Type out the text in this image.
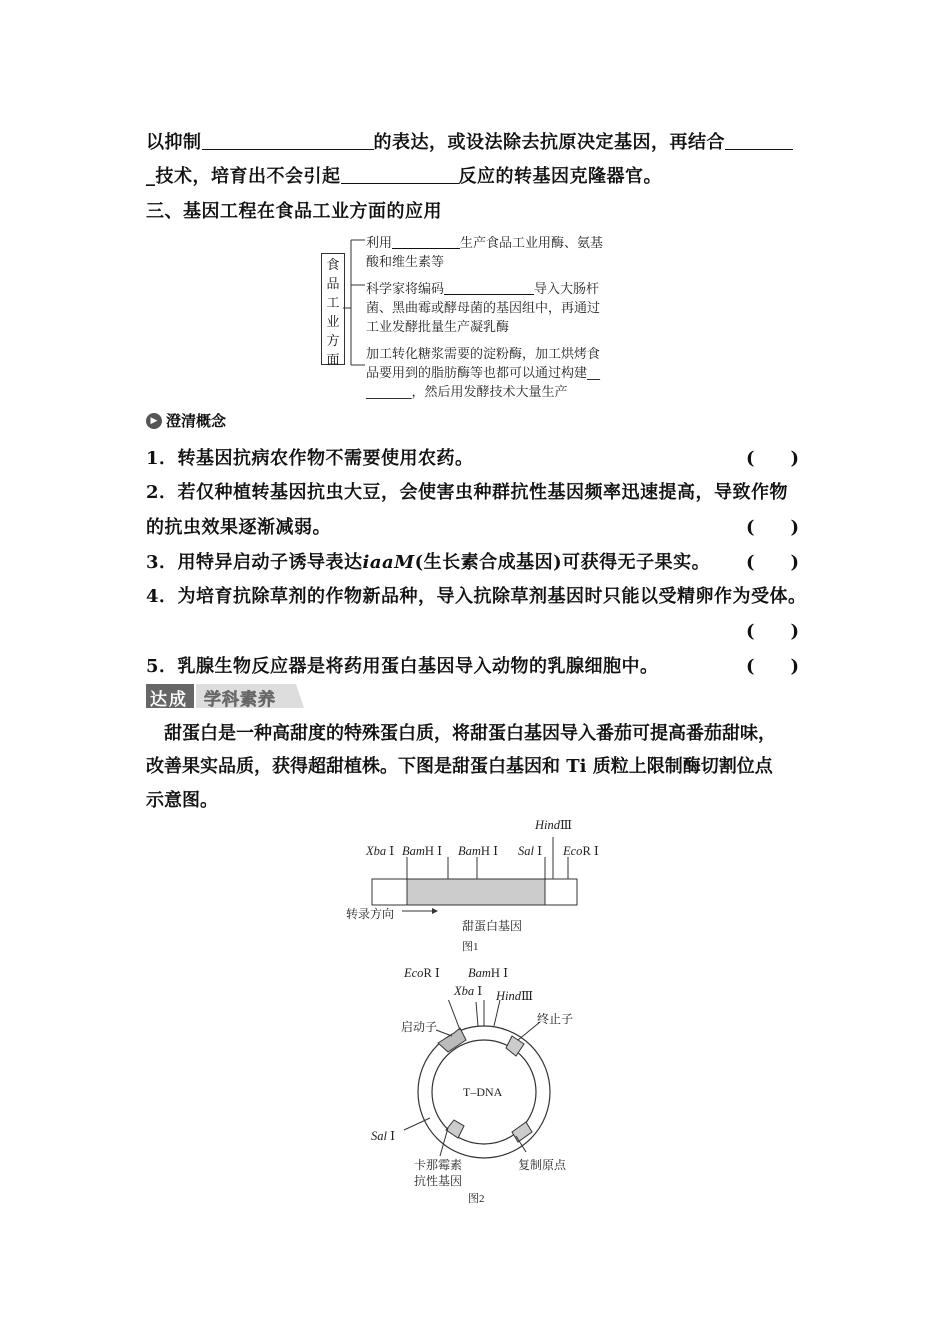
以抑制	的表达，或设法除去抗原决定基因，再结合
_技术，培育出不会引起	反应的转基因克隆器官。
三、基因工程在食品工业方面的应用
食
品
工
业
方
面
利用	生产食品工业用酶、氨基
酸和维生素等
科学家将编码	导入大肠杆
菌、黑曲霉或酵母菌的基因组中，再通过
工业发酵批量生产凝乳酶
加工转化糖浆需要的淀粉酶，加工烘烤食
品要用到的脂肪酶等也都可以通过构建__
_______，然后用发酵技术大量生产
▶ 澄清概念
1．转基因抗病农作物不需要使用农药。	(　　)
2．若仅种植转基因抗虫大豆，会使害虫种群抗性基因频率迅速提高，导致作物
的抗虫效果逐渐减弱。	(　　)
3．用特异启动子诱导表达iaaM(生长素合成基因)可获得无子果实。 (　　)
4．为培育抗除草剂的作物新品种，导入抗除草剂基因时只能以受精卵作为受体。
(　　)
5．乳腺生物反应器是将药用蛋白基因导入动物的乳腺细胞中。	(　　)
达成 学科素养
甜蛋白是一种高甜度的特殊蛋白质，将甜蛋白基因导入番茄可提高番茄甜味，
改善果实品质，获得超甜植株。下图是甜蛋白基因和 Ti 质粒上限制酶切割位点
示意图。
HindⅢ
Xba Ⅰ BamH Ⅰ BamH Ⅰ Sal Ⅰ EcoR Ⅰ
转录方向
甜蛋白基因
图1
EcoR Ⅰ BamH Ⅰ
Xba Ⅰ HindⅢ
启动子
终止子
T–DNA
Sal Ⅰ
卡那霉素
抗性基因
复制原点
图2
